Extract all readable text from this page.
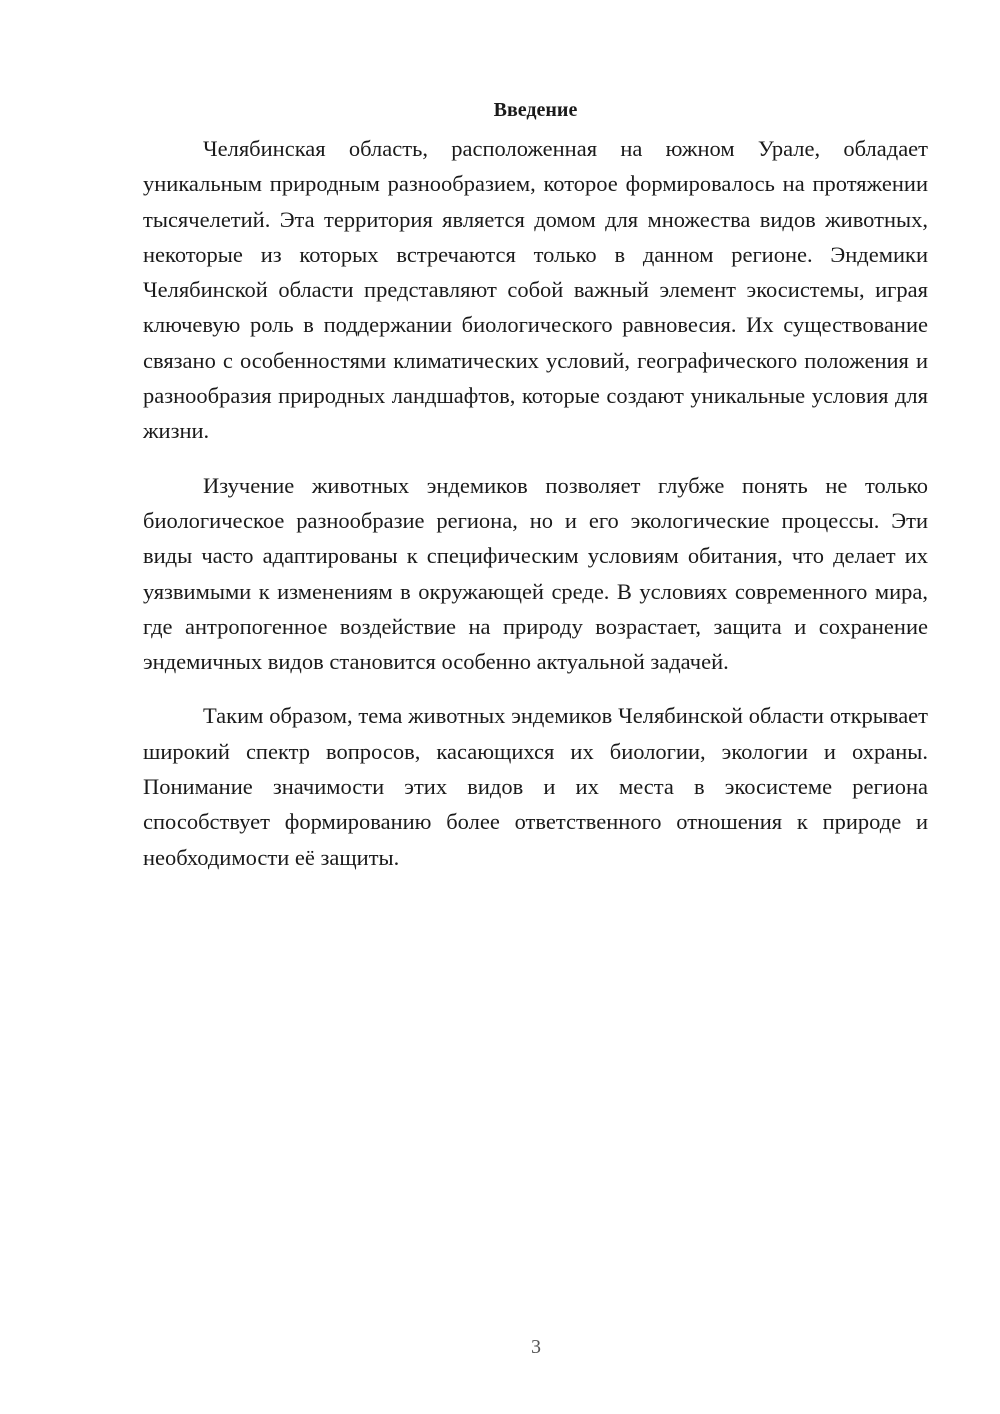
Введение

Челябинская область, расположенная на южном Урале, обладает уникальным природным разнообразием, которое формировалось на протяжении тысячелетий. Эта территория является домом для множества видов животных, некоторые из которых встречаются только в данном регионе. Эндемики Челябинской области представляют собой важный элемент экосистемы, играя ключевую роль в поддержании биологического равновесия. Их существование связано с особенностями климатических условий, географического положения и разнообразия природных ландшафтов, которые создают уникальные условия для жизни.

Изучение животных эндемиков позволяет глубже понять не только биологическое разнообразие региона, но и его экологические процессы. Эти виды часто адаптированы к специфическим условиям обитания, что делает их уязвимыми к изменениям в окружающей среде. В условиях современного мира, где антропогенное воздействие на природу возрастает, защита и сохранение эндемичных видов становится особенно актуальной задачей.

Таким образом, тема животных эндемиков Челябинской области открывает широкий спектр вопросов, касающихся их биологии, экологии и охраны. Понимание значимости этих видов и их места в экосистеме региона способствует формированию более ответственного отношения к природе и необходимости её защиты.

3
